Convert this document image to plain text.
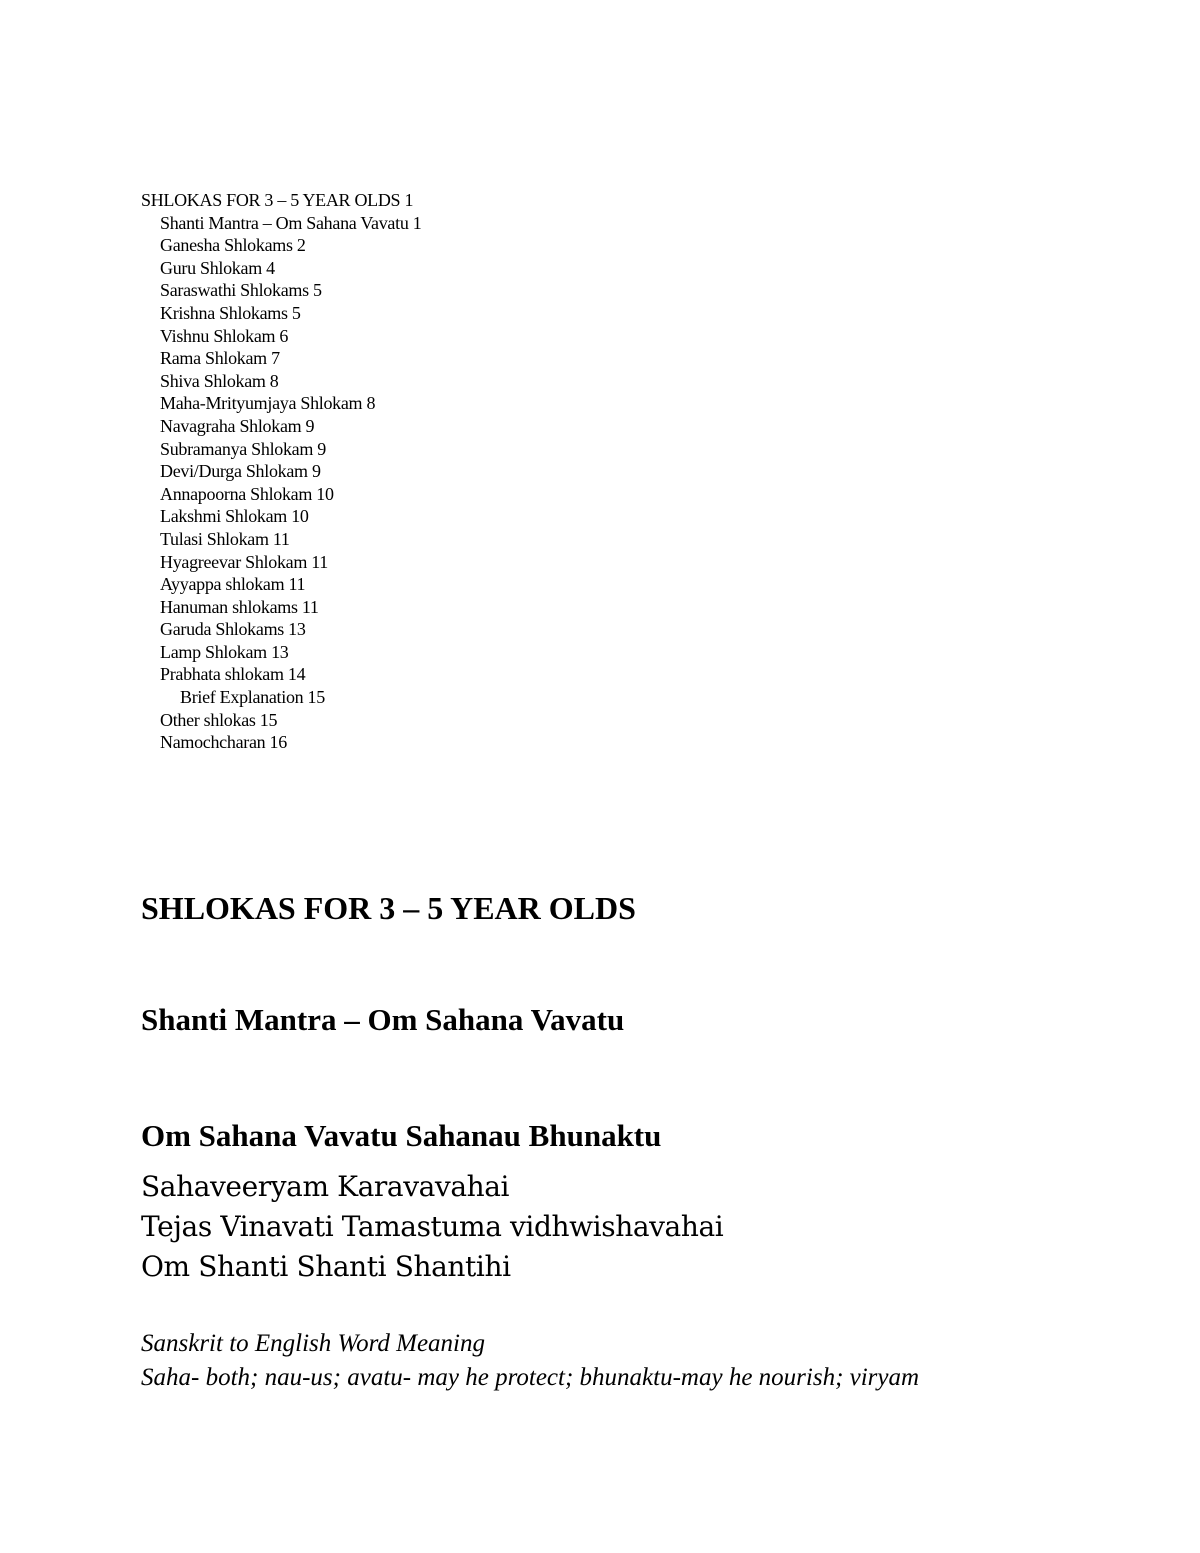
SHLOKAS FOR 3 – 5 YEAR OLDS 1
Shanti Mantra – Om Sahana Vavatu 1
Ganesha Shlokams 2
Guru Shlokam 4
Saraswathi Shlokams 5
Krishna Shlokams 5
Vishnu Shlokam 6
Rama Shlokam 7
Shiva Shlokam 8
Maha-Mrityumjaya Shlokam 8
Navagraha Shlokam 9
Subramanya Shlokam 9
Devi/Durga Shlokam 9
Annapoorna Shlokam 10
Lakshmi Shlokam 10
Tulasi Shlokam 11
Hyagreevar Shlokam 11
Ayyappa shlokam 11
Hanuman shlokams 11
Garuda Shlokams 13
Lamp Shlokam 13
Prabhata shlokam 14
Brief Explanation 15
Other shlokas 15
Namochcharan 16
SHLOKAS FOR 3 – 5 YEAR OLDS
Shanti Mantra – Om Sahana Vavatu
Om Sahana Vavatu Sahanau Bhunaktu
Sahaveeryam Karavavahai
Tejas Vinavati Tamastuma vidhwishavahai
Om Shanti Shanti Shantihi
Sanskrit to English Word Meaning
Saha- both; nau-us; avatu- may he protect; bhunaktu-may he nourish; viryam
